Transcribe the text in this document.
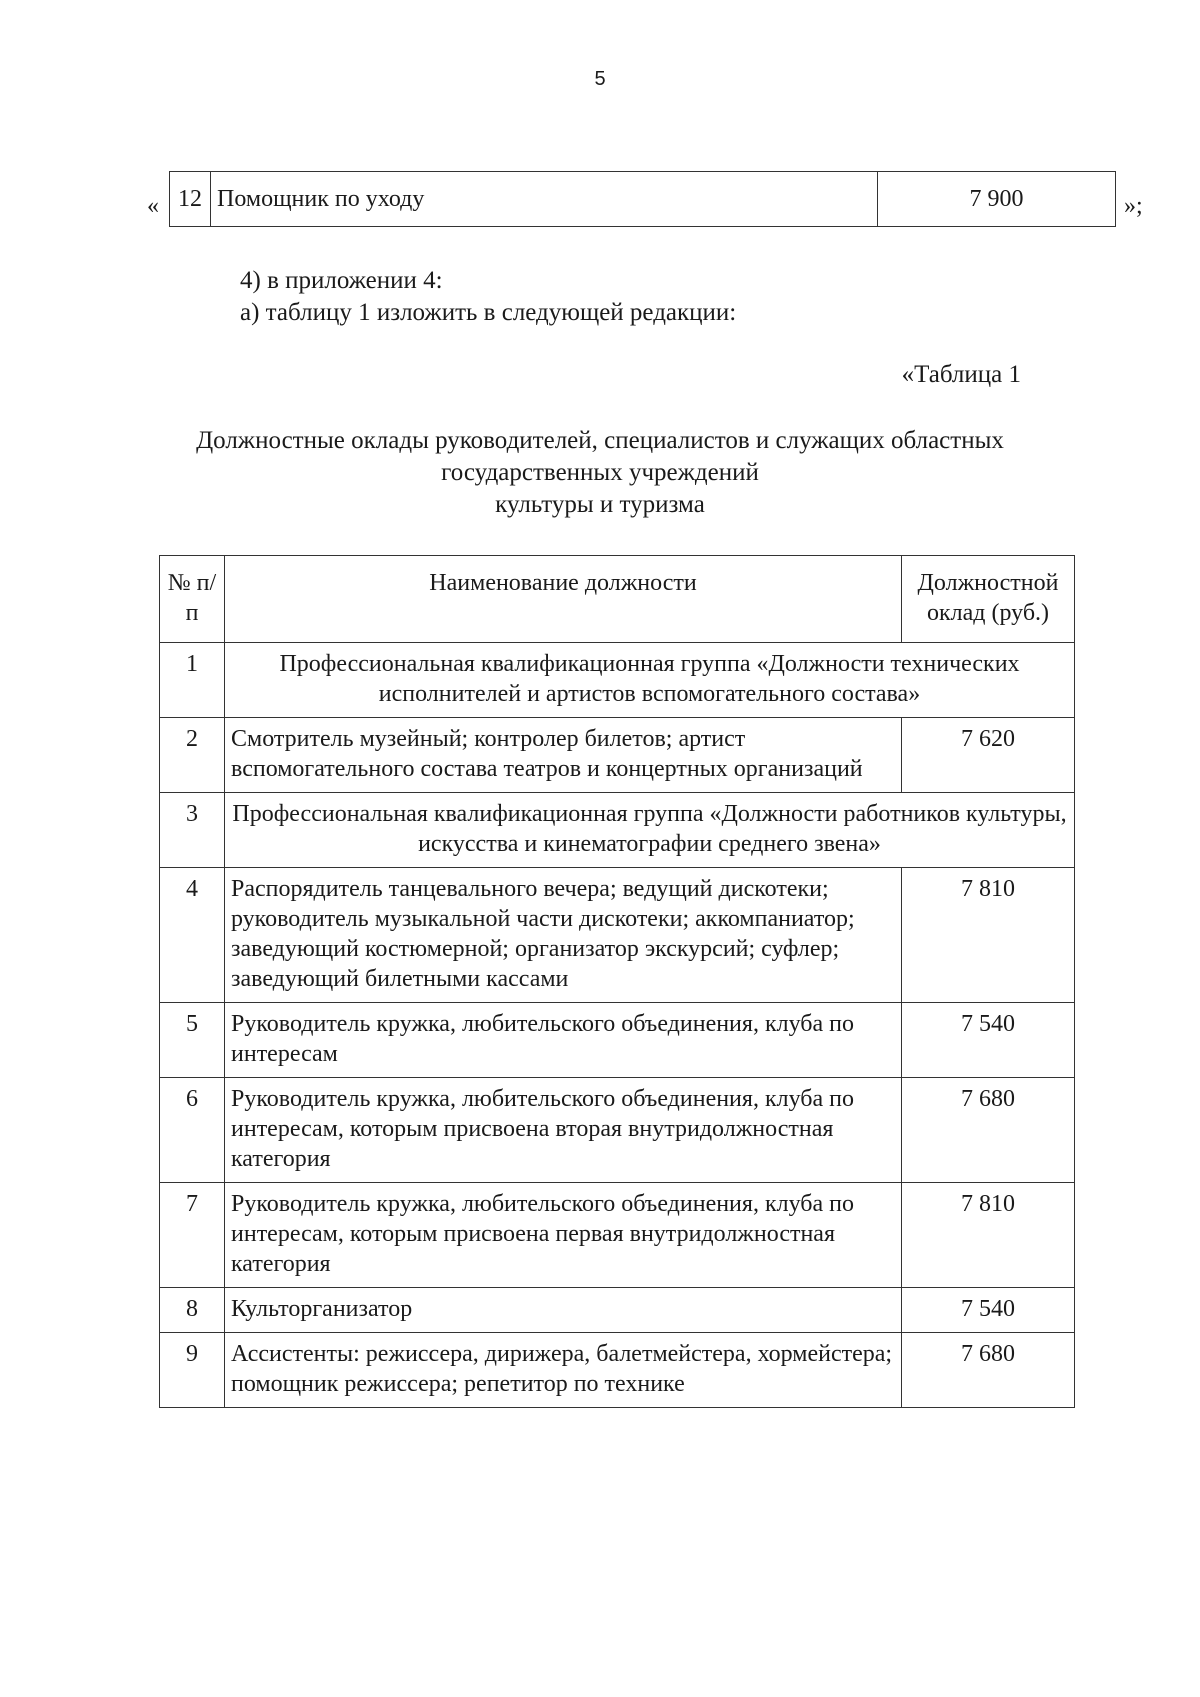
5
« 12	Помощник по уходу	7 900	»;
4) в приложении 4:
а) таблицу 1 изложить в следующей редакции:
«Таблица 1
Должностные оклады руководителей, специалистов и служащих областных
государственных учреждений
культуры и туризма
№ п/п	Наименование должности	Должностной оклад (руб.)
1	Профессиональная квалификационная группа «Должности технических исполнителей и артистов вспомогательного состава»	
2	Смотритель музейный; контролер билетов; артист вспомогательного состава театров и концертных организаций	7 620
3	Профессиональная квалификационная группа «Должности работников культуры, искусства и кинематографии среднего звена»	
4	Распорядитель танцевального вечера; ведущий дискотеки; руководитель музыкальной части дискотеки; аккомпаниатор; заведующий костюмерной; организатор экскурсий; суфлер; заведующий билетными кассами	7 810
5	Руководитель кружка, любительского объединения, клуба по интересам	7 540
6	Руководитель кружка, любительского объединения, клуба по интересам, которым присвоена вторая внутридолжностная категория	7 680
7	Руководитель кружка, любительского объединения, клуба по интересам, которым присвоена первая внутридолжностная категория	7 810
8	Культорганизатор	7 540
9	Ассистенты: режиссера, дирижера, балетмейстера, хормейстера; помощник режиссера; репетитор по технике	7 680
